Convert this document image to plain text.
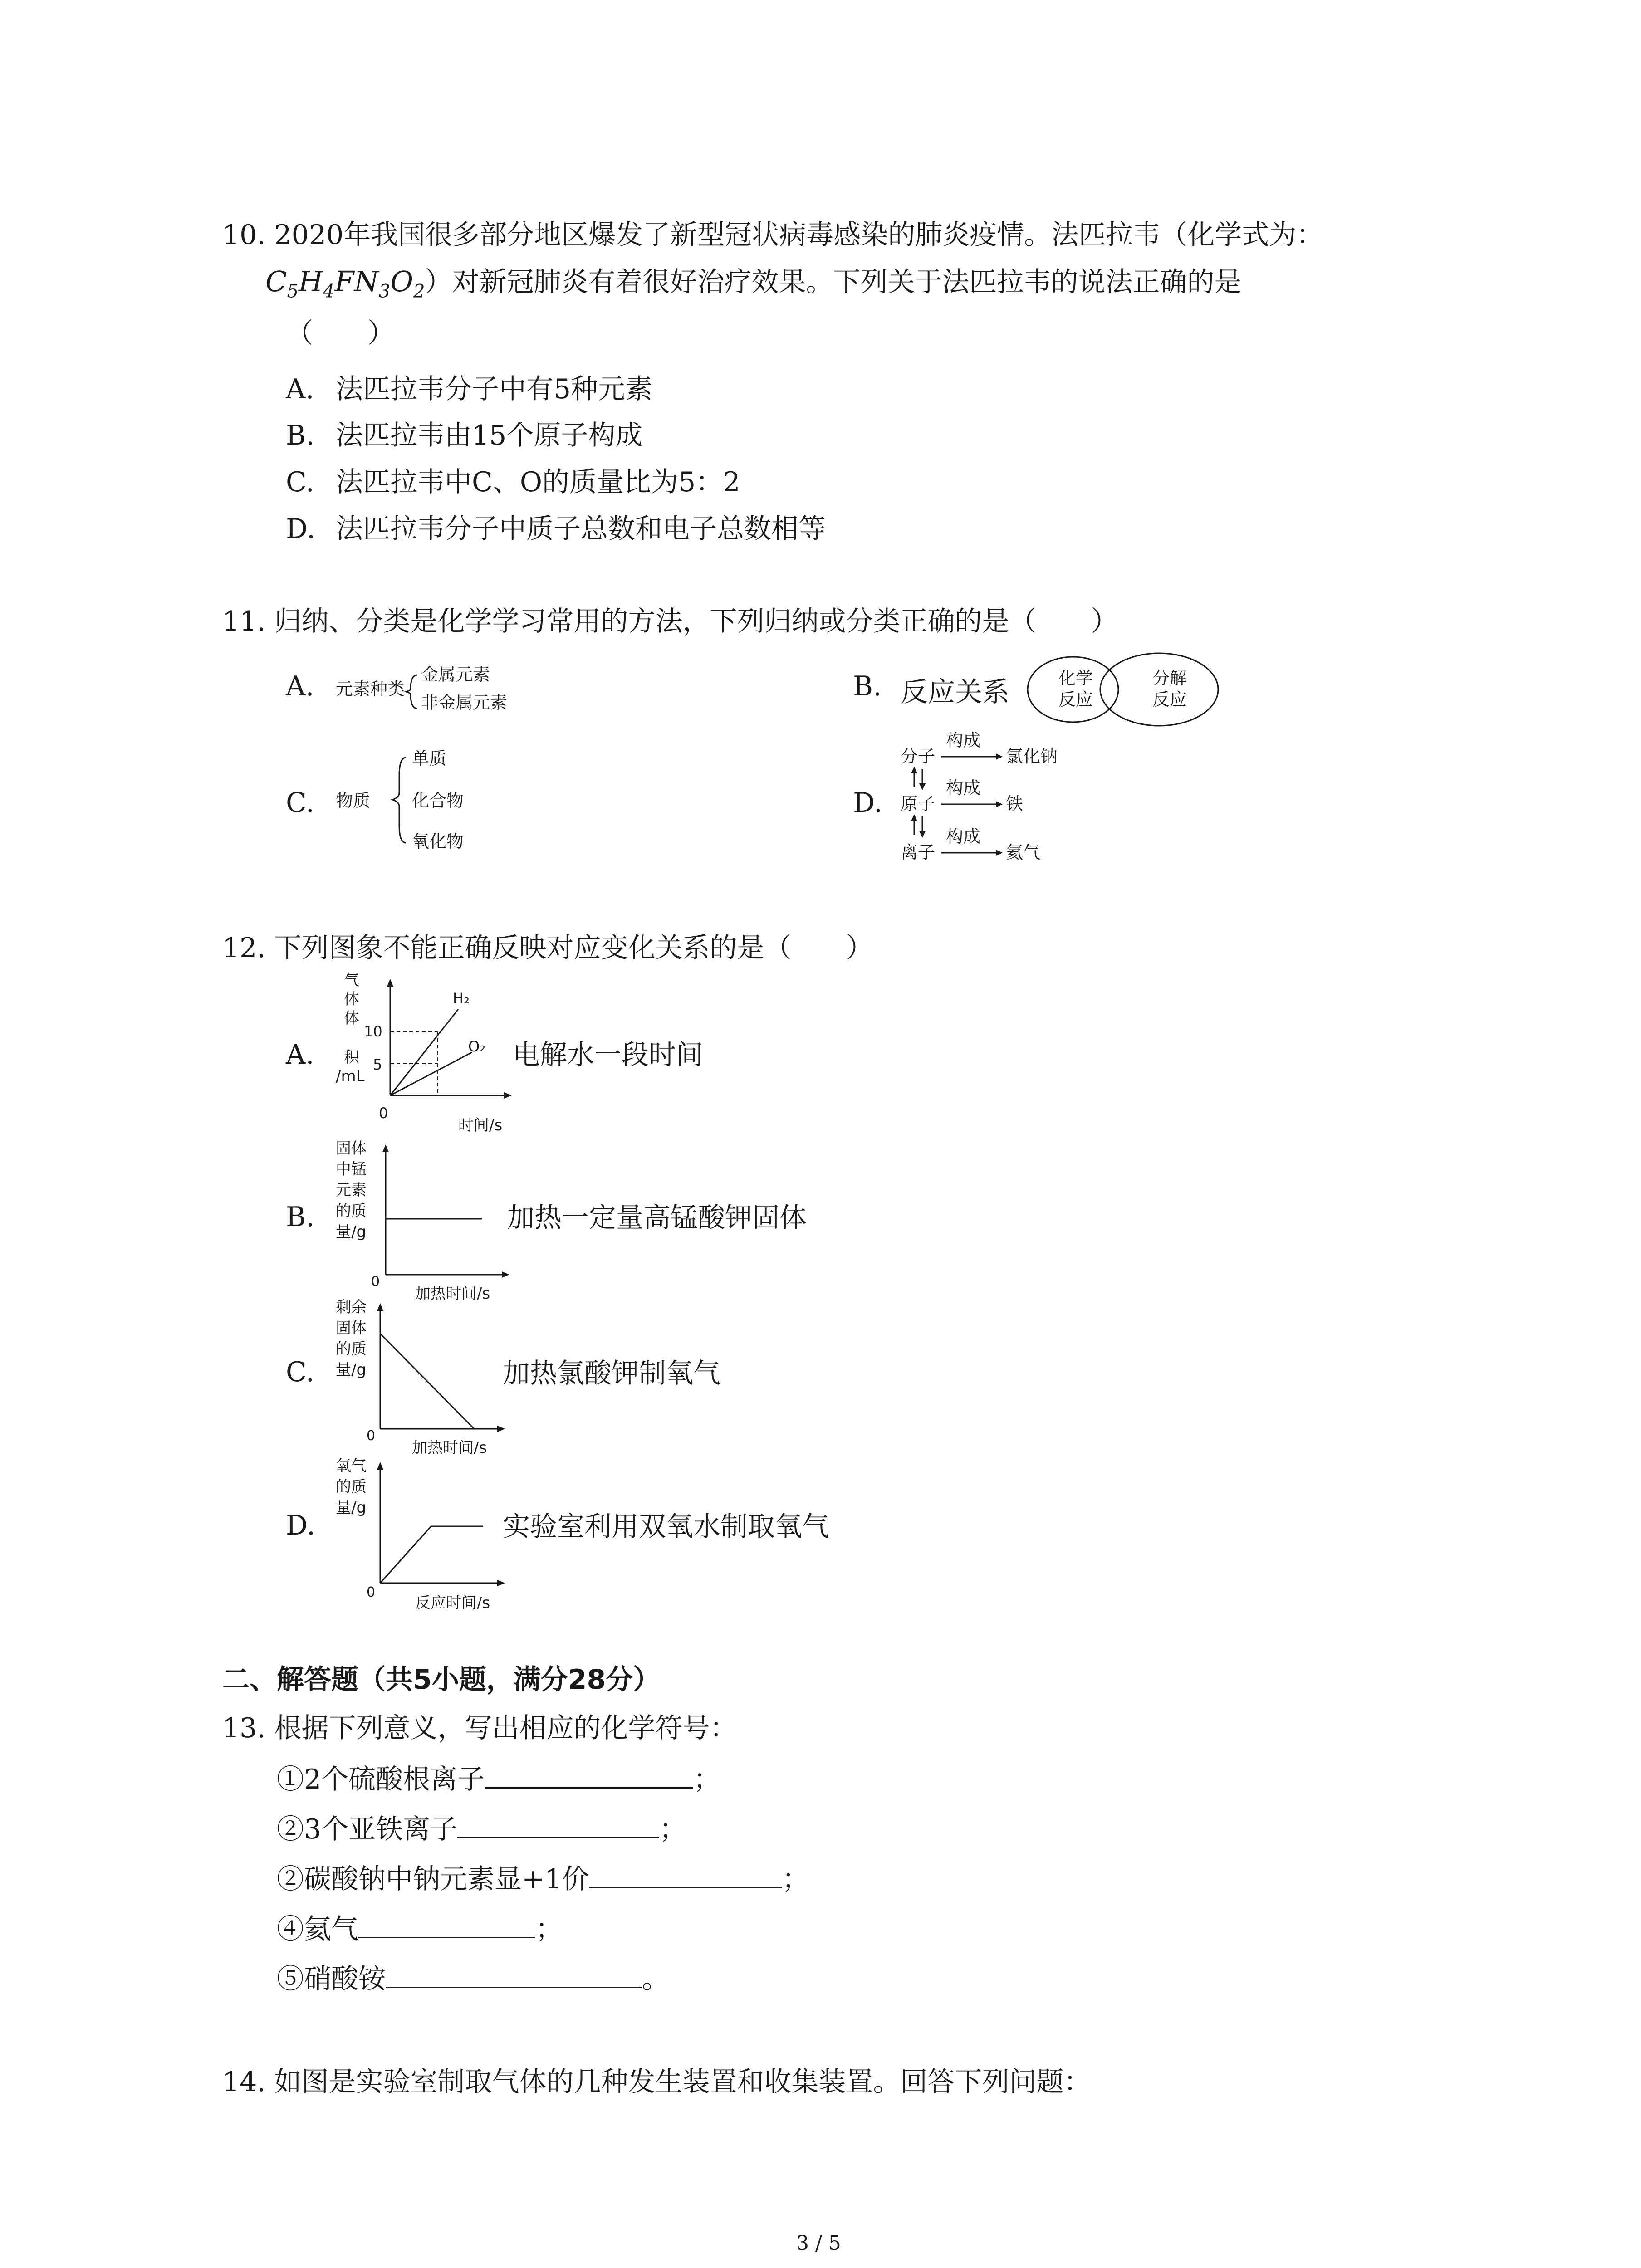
10. 2020年我国很多部分地区爆发了新型冠状病毒感染的肺炎疫情。法匹拉韦（化学式为：
$C_5H_4FN_3O_2$）对新冠肺炎有着很好治疗效果。下列关于法匹拉韦的说法正确的是
（　　）
A. 法匹拉韦分子中有5种元素
B. 法匹拉韦由15个原子构成
C. 法匹拉韦中C、O的质量比为5：2
D. 法匹拉韦分子中质子总数和电子总数相等
11. 归纳、分类是化学学习常用的方法，下列归纳或分类正确的是（　　）
A. 元素种类
金属元素
非金属元素
B. 反应关系	化学
反应
分解
反应
C. 物质
单质
化合物
氧化物
D.
分子
构成
氯化钠
原子
构成
铁
离子
构成
氦气
12. 下列图象不能正确反映对应变化关系的是（　　）
A.
气
体
体
积
/mL
10
5
H₂
O₂
0
时间/s
电解水一段时间
B.
固体
中锰
元素
的质
量/g
0
加热时间/s
加热一定量高锰酸钾固体
C.
剩余
固体
的质
量/g
0
加热时间/s
加热氯酸钾制氧气
D.
氧气
的质
量/g
0
反应时间/s
实验室利用双氧水制取氧气
二、解答题（共5小题，满分28分）
13. 根据下列意义，写出相应的化学符号：
①2个硫酸根离子	；
②3个亚铁离子	；
②碳酸钠中钠元素显+1价	；
④氦气	；
⑤硝酸铵	。
14. 如图是实验室制取气体的几种发生装置和收集装置。回答下列问题：
3 / 5
